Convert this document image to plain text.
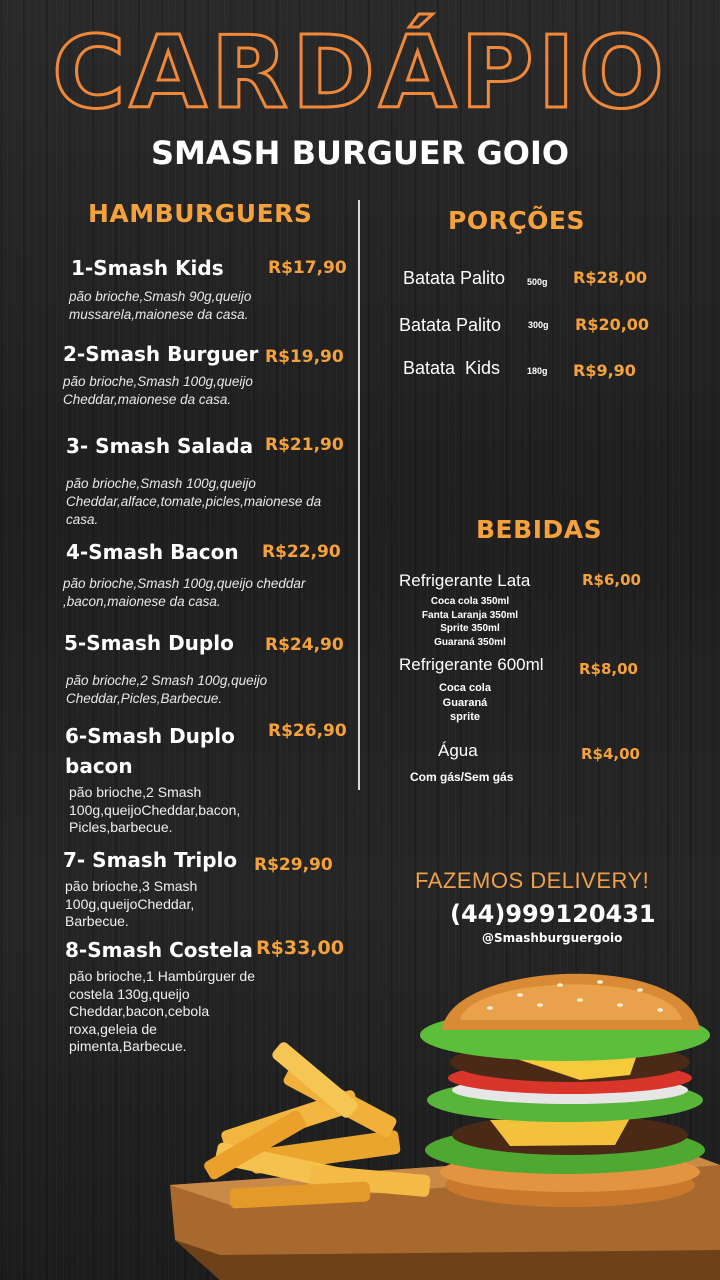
CARDÁPIO
SMASH BURGUER GOIO
HAMBURGUERS
1-Smash Kids	R$17,90
pão brioche,Smash 90g,queijo mussarela,maionese da casa.
2-Smash Burguer R$19,90
pão brioche,Smash 100g,queijo Cheddar,maionese da casa.
3- Smash Salada R$21,90
pão brioche,Smash 100g,queijo Cheddar,alface,tomate,picles,maionese da casa.
4-Smash Bacon R$22,90
pão brioche,Smash 100g,queijo cheddar ,bacon,maionese da casa.
5-Smash Duplo R$24,90
pão brioche,2 Smash 100g,queijo Cheddar,Picles,Barbecue.
6-Smash Duplo bacon
R$26,90
pão brioche,2 Smash 100g,queijoCheddar,bacon, Picles,barbecue.
7- Smash Triplo R$29,90
pão brioche,3 Smash 100g,queijoCheddar, Barbecue.
8-Smash Costela R$33,00
pão brioche,1 Hambúrguer de costela 130g,queijo Cheddar,bacon,cebola roxa,geleia de pimenta,Barbecue.
PORÇÕES
Batata Palito 500g R$28,00
Batata Palito	300g R$20,00
Batata  Kids	180g R$9,90
BEBIDAS
Refrigerante Lata	R$6,00
Coca cola 350ml
Fanta Laranja 350ml
Sprite 350ml
Guaraná 350ml
Refrigerante 600ml R$8,00
Coca cola
Guaraná
sprite
Água	R$4,00
Com gás/Sem gás
FAZEMOS DELIVERY!
(44)999120431
@Smashburguergoio
